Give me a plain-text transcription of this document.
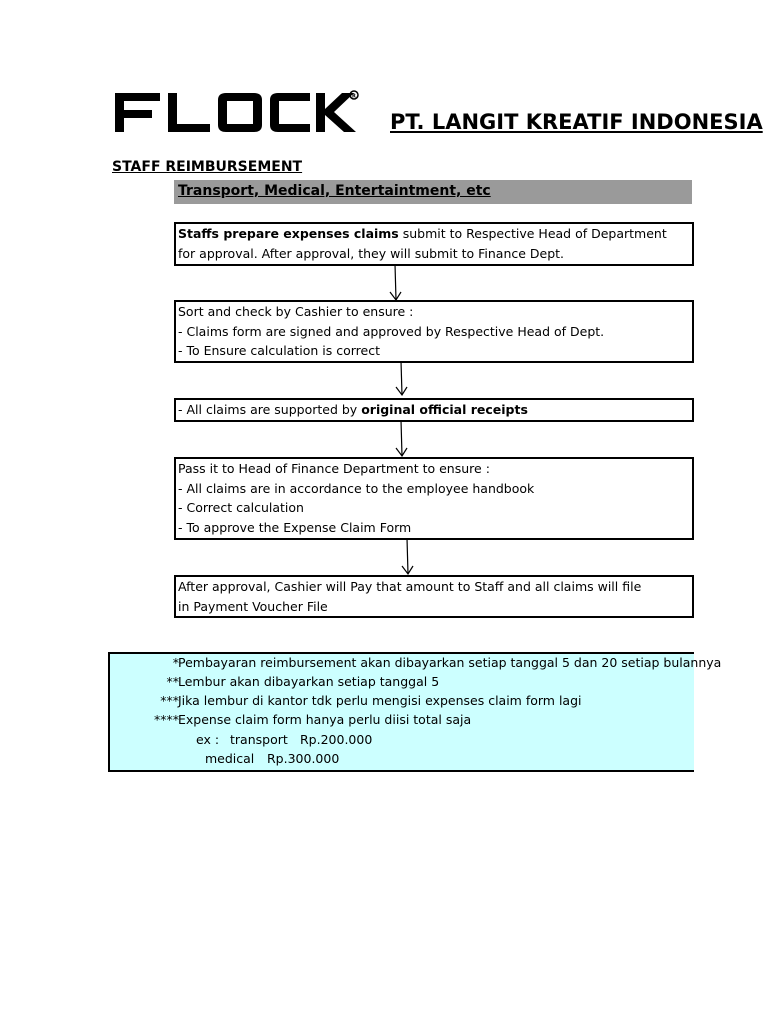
R
PT. LANGIT KREATIF INDONESIA
STAFF REIMBURSEMENT
Transport, Medical, Entertaintment, etc
Staffs prepare expenses claims submit to Respective Head of Department
for approval. After approval, they will submit to Finance Dept.
Sort and check by Cashier to ensure :
- Claims form are signed and approved by Respective Head of Dept.
- To Ensure calculation is correct
- All claims are supported by original official receipts
Pass it to Head of Finance Department to ensure :
- All claims are in accordance to the employee handbook
- Correct calculation
- To approve the Expense Claim Form
After approval, Cashier will Pay that amount to Staff and all claims will file
in Payment Voucher File
* Pembayaran reimbursement akan dibayarkan setiap tanggal 5 dan 20 setiap bulannya
** Lembur akan dibayarkan setiap tanggal 5
*** Jika lembur di kantor tdk perlu mengisi expenses claim form lagi
**** Expense claim form hanya perlu diisi total saja
ex : transport Rp.200.000
medical Rp.300.000
